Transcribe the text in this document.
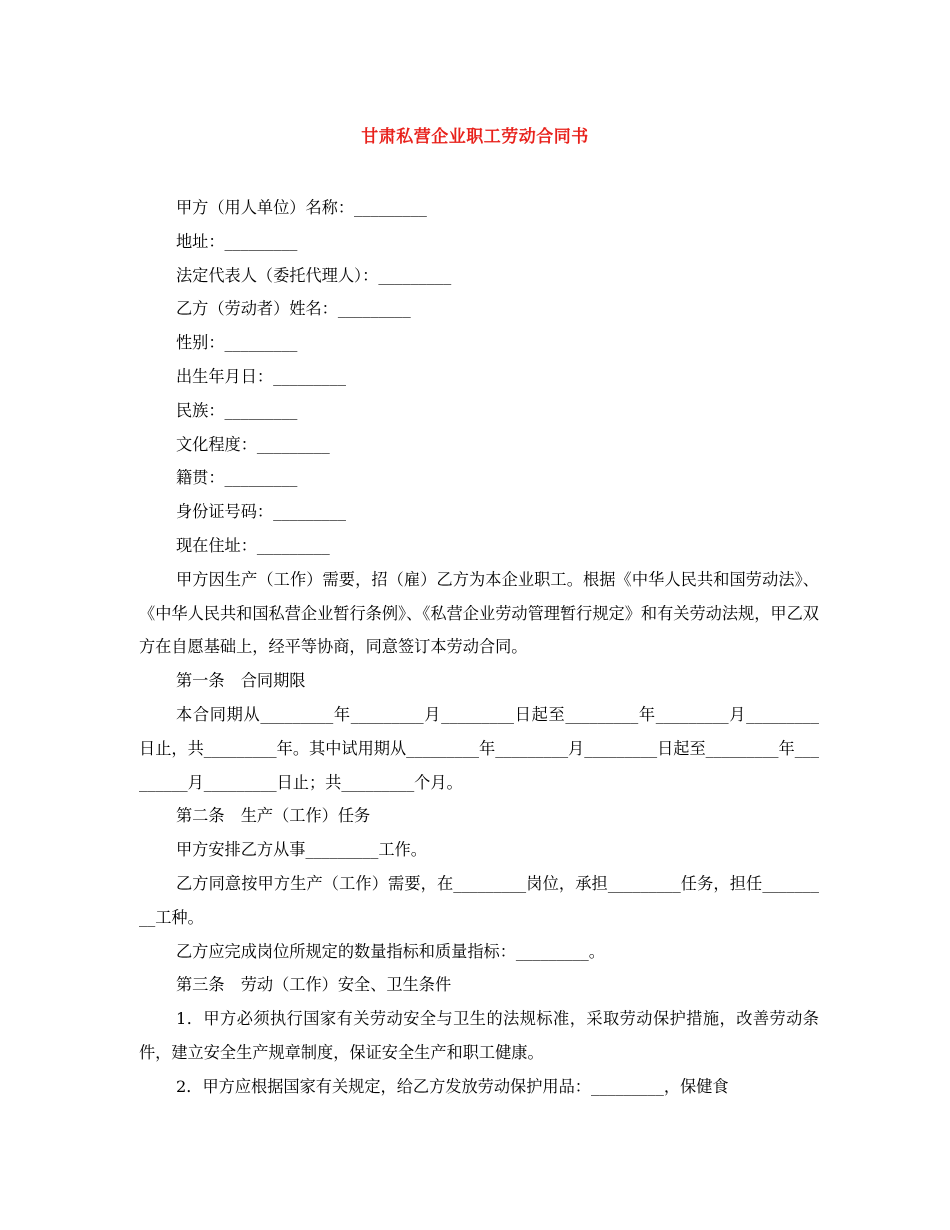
甘肃私营企业职工劳动合同书
甲方（用人单位）名称：_________
地址：_________
法定代表人（委托代理人）：_________
乙方（劳动者）姓名：_________
性别：_________
出生年月日：_________
民族：_________
文化程度：_________
籍贯：_________
身份证号码：_________
现在住址：_________

甲方因生产（工作）需要，招（雇）乙方为本企业职工。根据《中华人民共和国劳动法》、《中华人民共和国私营企业暂行条例》、《私营企业劳动管理暂行规定》和有关劳动法规，甲乙双方在自愿基础上，经平等协商，同意签订本劳动合同。

第一条　合同期限

本合同期从_________年_________月_________日起至_________年_________月_________日止，共_________年。其中试用期从_________年_________月_________日起至_________年_________月_________日止；共_________个月。

第二条　生产（工作）任务

甲方安排乙方从事_________工作。

乙方同意按甲方生产（工作）需要，在_________岗位，承担_________任务，担任_________工种。

乙方应完成岗位所规定的数量指标和质量指标：_________。

第三条　劳动（工作）安全、卫生条件

1．甲方必须执行国家有关劳动安全与卫生的法规标准，采取劳动保护措施，改善劳动条件，建立安全生产规章制度，保证安全生产和职工健康。

2．甲方应根据国家有关规定，给乙方发放劳动保护用品：_________，保健食
